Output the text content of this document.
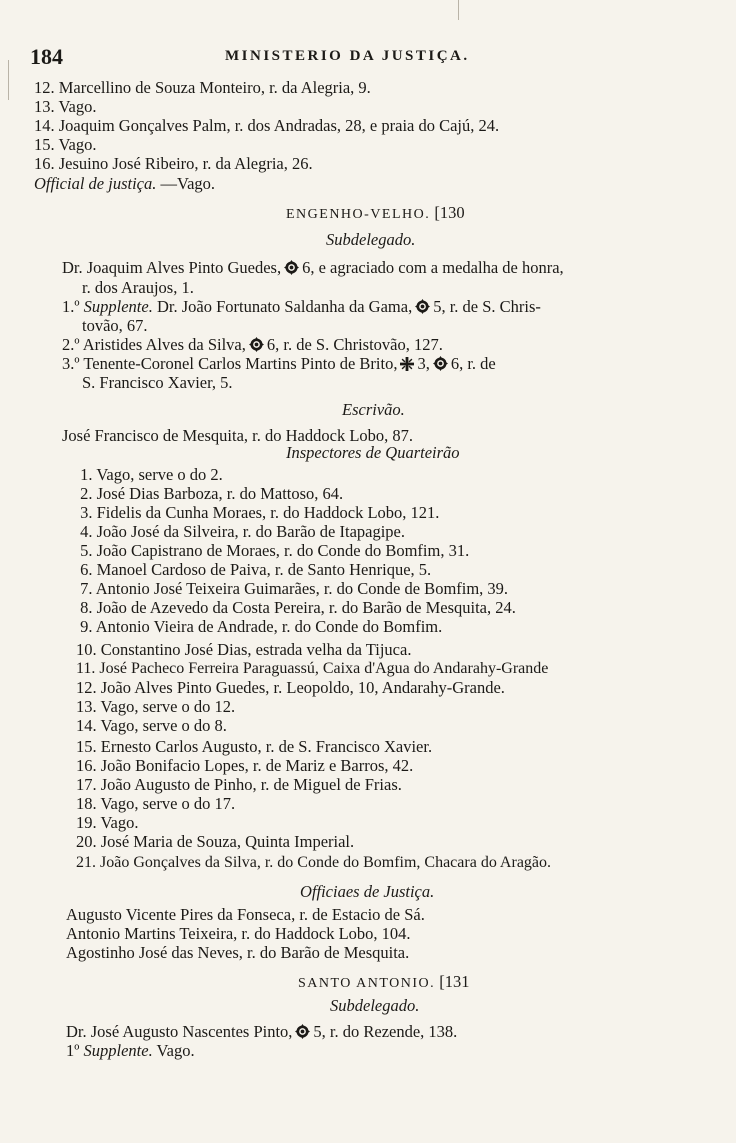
184	MINISTERIO DA JUSTIÇA.
12. Marcellino de Souza Monteiro, r. da Alegria, 9.
13. Vago.
14. Joaquim Gonçalves Palm, r. dos Andradas, 28, e praia do Cajú, 24.
15. Vago.
16. Jesuino José Ribeiro, r. da Alegria, 26.
Official de justiça. —Vago.
ENGENHO-VELHO. [130
Subdelegado.
Dr. Joaquim Alves Pinto Guedes, 6, e agraciado com a medalha de honra,
r. dos Araujos, 1.
1.º Supplente. Dr. João Fortunato Saldanha da Gama, 5, r. de S. Chris-
tovão, 67.
2.º Aristides Alves da Silva, 6, r. de S. Christovão, 127.
3.º Tenente-Coronel Carlos Martins Pinto de Brito, 3, 6, r. de
S. Francisco Xavier, 5.
Escrivão.
José Francisco de Mesquita, r. do Haddock Lobo, 87.
Inspectores de Quarteirão
1. Vago, serve o do 2.
2. José Dias Barboza, r. do Mattoso, 64.
3. Fidelis da Cunha Moraes, r. do Haddock Lobo, 121.
4. João José da Silveira, r. do Barão de Itapagipe.
5. João Capistrano de Moraes, r. do Conde do Bomfim, 31.
6. Manoel Cardoso de Paiva, r. de Santo Henrique, 5.
7. Antonio José Teixeira Guimarães, r. do Conde de Bomfim, 39.
8. João de Azevedo da Costa Pereira, r. do Barão de Mesquita, 24.
9. Antonio Vieira de Andrade, r. do Conde do Bomfim.
10. Constantino José Dias, estrada velha da Tijuca.
11. José Pacheco Ferreira Paraguassú, Caixa d'Agua do Andarahy-Grande
12. João Alves Pinto Guedes, r. Leopoldo, 10, Andarahy-Grande.
13. Vago, serve o do 12.
14. Vago, serve o do 8.
15. Ernesto Carlos Augusto, r. de S. Francisco Xavier.
16. João Bonifacio Lopes, r. de Mariz e Barros, 42.
17. João Augusto de Pinho, r. de Miguel de Frias.
18. Vago, serve o do 17.
19. Vago.
20. José Maria de Souza, Quinta Imperial.
21. João Gonçalves da Silva, r. do Conde do Bomfim, Chacara do Aragão.
Officiaes de Justiça.
Augusto Vicente Pires da Fonseca, r. de Estacio de Sá.
Antonio Martins Teixeira, r. do Haddock Lobo, 104.
Agostinho José das Neves, r. do Barão de Mesquita.
SANTO ANTONIO. [131
Subdelegado.
Dr. José Augusto Nascentes Pinto, 5, r. do Rezende, 138.
1º Supplente. Vago.
